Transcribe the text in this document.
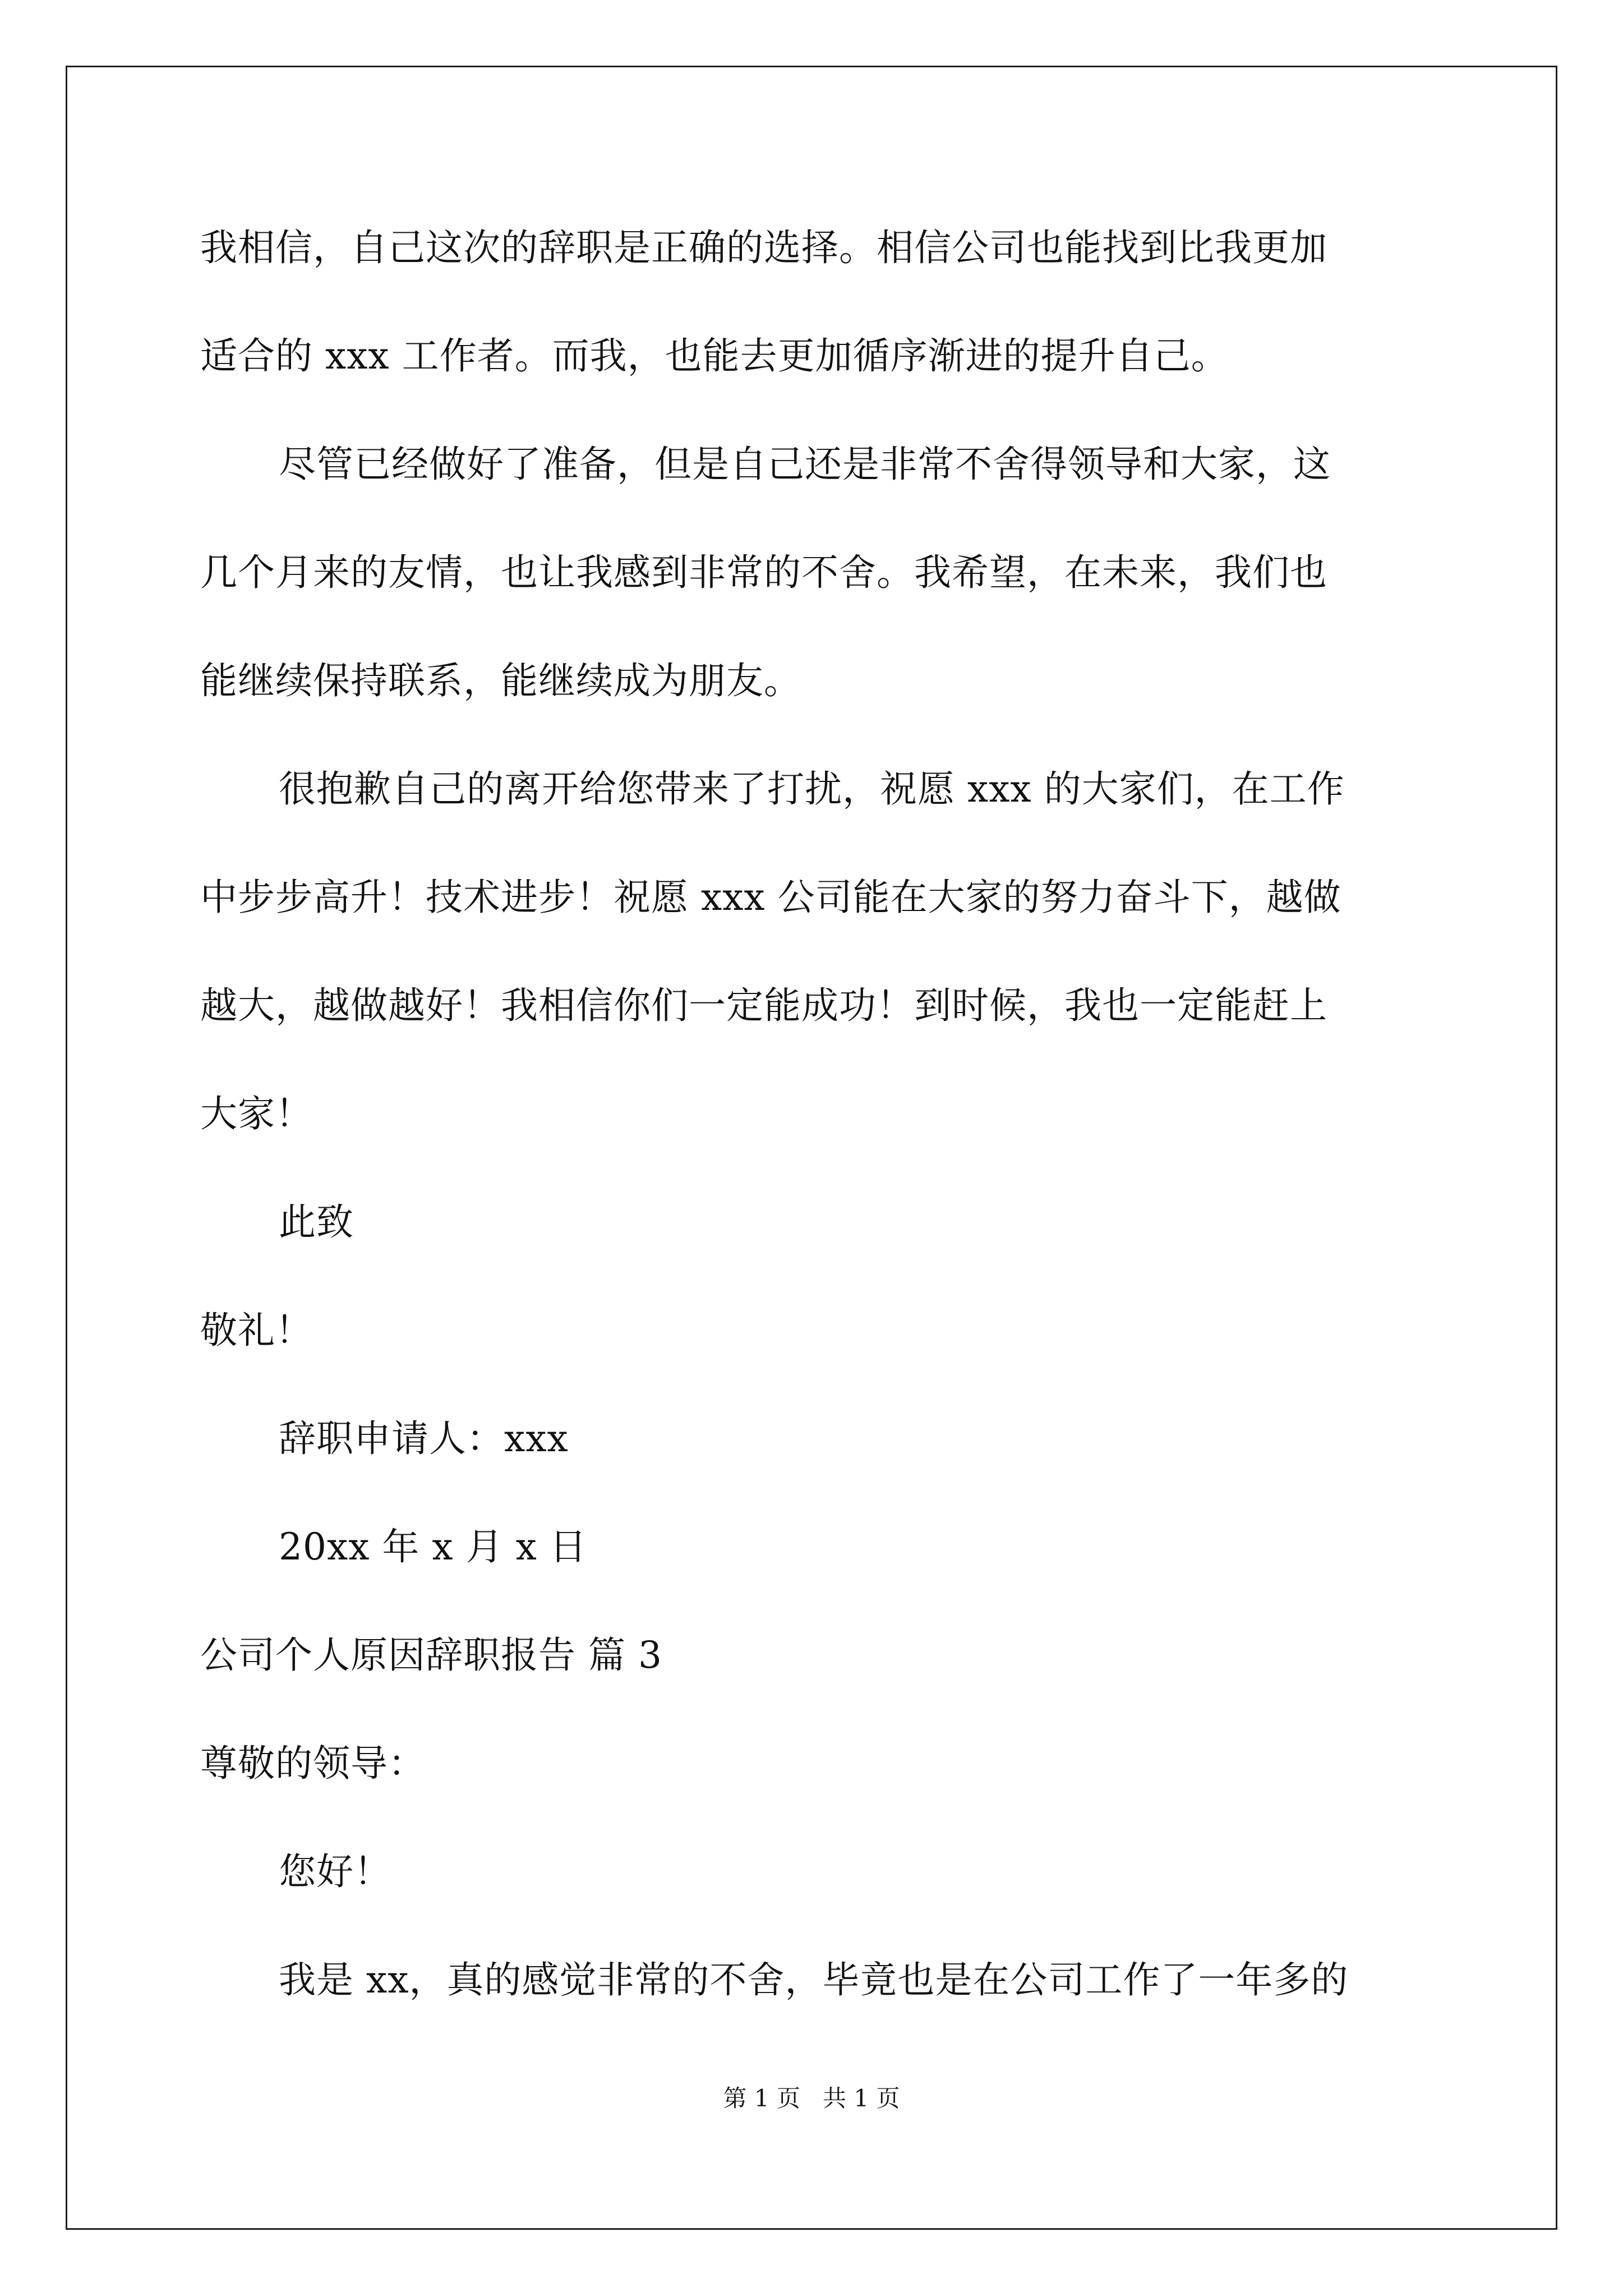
我相信，自己这次的辞职是正确的选择。相信公司也能找到比我更加
适合的 xxx 工作者。而我，也能去更加循序渐进的提升自己。
尽管已经做好了准备，但是自己还是非常不舍得领导和大家，这
几个月来的友情，也让我感到非常的不舍。我希望，在未来，我们也
能继续保持联系，能继续成为朋友。
很抱歉自己的离开给您带来了打扰，祝愿 xxx 的大家们，在工作
中步步高升！技术进步！祝愿 xxx 公司能在大家的努力奋斗下，越做
越大，越做越好！我相信你们一定能成功！到时候，我也一定能赶上
大家！
此致
敬礼！
辞职申请人：xxx
20xx 年 x 月 x 日
公司个人原因辞职报告 篇 3
尊敬的领导：
您好！
我是 xx，真的感觉非常的不舍，毕竟也是在公司工作了一年多的
第 1 页   共 1 页
